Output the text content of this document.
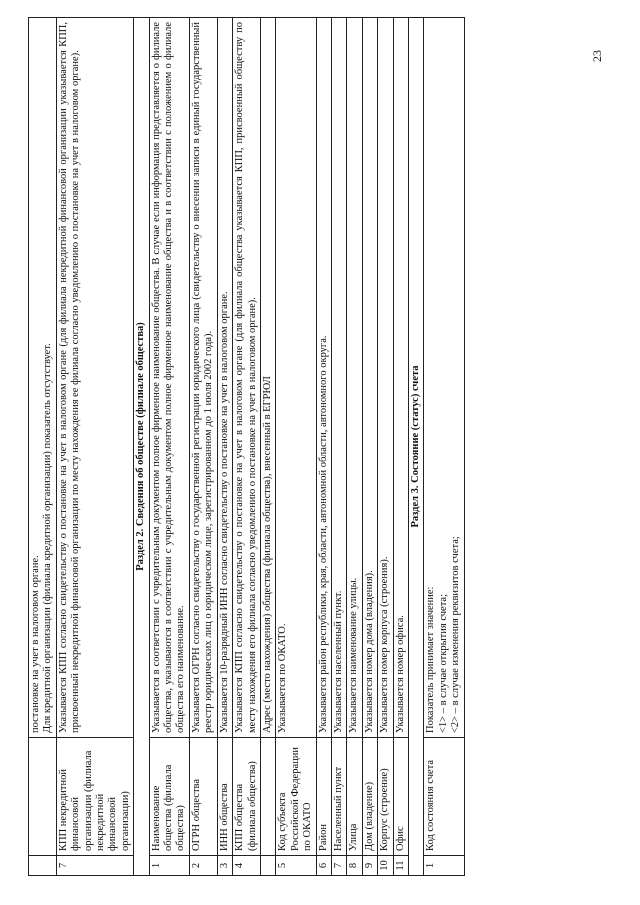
		постановке на учет в налоговом органе. Для кредитной организации (филиала кредитной организации) показатель отсутствует.

7	КПП некредитной финансовой организации (филиала некредитной финансовой организации)	Указывается КПП согласно свидетельству о постановке на учет в налоговом органе (для филиала некредитной финансовой организации указывается КПП, присвоенный некредитной финансовой организации по месту нахождения ее филиала согласно уведомлению о постановке на учет в налоговом органе).
Раздел 2. Сведения об обществе (филиале общества)		
1	Наименование общества (филиала общества)	Указывается в соответствии с учредительным документом полное фирменное наименование общества. В случае если информация представляется о филиале общества, указываются в соответствии с учредительным документом полное фирменное наименование общества и в соответствии с положением о филиале общества его наименование.
2	ОГРН общества	Указывается ОГРН согласно свидетельству о государственной регистрации юридического лица (свидетельству о внесении записи в единый государственный реестр юридических лиц о юридическом лице, зарегистрированном до 1 июля 2002 года).
3	ИНН общества	Указывается 10-разрядный ИНН согласно свидетельству о постановке на учет в налоговом органе.
4	КПП общества (филиала общества)	Указывается КПП согласно свидетельству о постановке на учет в налоговом органе (для филиала общества указывается КПП, присвоенный обществу по месту нахождения его филиала согласно уведомлению о постановке на учет в налоговом органе).
		Адрес (место нахождения) общества (филиала общества), внесенный в ЕГРЮЛ
5	Код субъекта Российской Федерации по ОКАТО	Указывается по ОКАТО.
6	Район	Указывается район республики, края, области, автономной области, автономного округа.
7	Населенный пункт	Указывается населенный пункт.
8	Улица	Указывается наименование улицы.
9	Дом (владение)	Указывается номер дома (владения).
10	Корпус (строение)	Указывается номер корпуса (строения).
11	Офис	Указывается номер офиса.
Раздел 3. Состояние (статус) счета		
1	Код состояния счета	Показатель принимает значение: <1> – в случае открытия счета; <2> – в случае изменения реквизитов счета;
23
